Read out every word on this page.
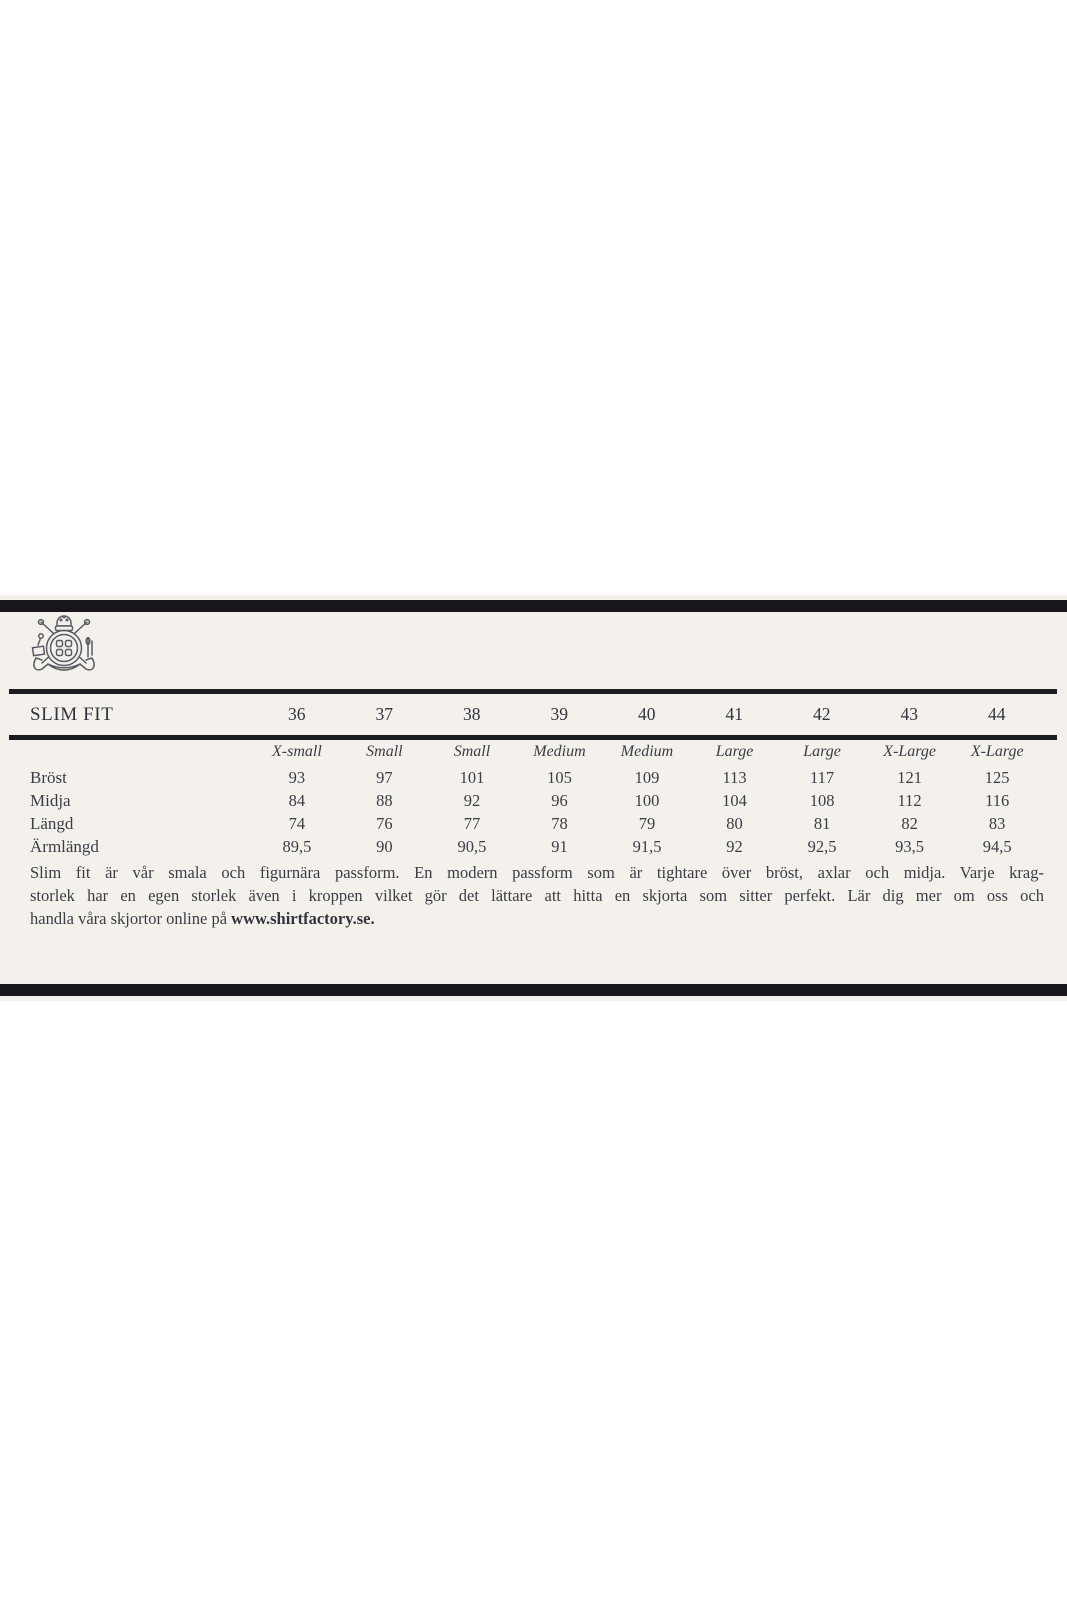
SLIM FIT	36	37	38	39	40	41	42	43	44
	X-small	Small	Small	Medium	Medium	Large	Large	X-Large	X-Large
Bröst	93	97	101	105	109	113	117	121	125
Midja	84	88	92	96	100	104	108	112	116
Längd	74	76	77	78	79	80	81	82	83
Ärmlängd	89,5	90	90,5	91	91,5	92	92,5	93,5	94,5
Slim fit är vår smala och figurnära passform. En modern passform som är tightare över bröst, axlar och midja. Varje krag-
storlek har en egen storlek även i kroppen vilket gör det lättare att hitta en skjorta som sitter perfekt. Lär dig mer om oss och
handla våra skjortor online på www.shirtfactory.se.
